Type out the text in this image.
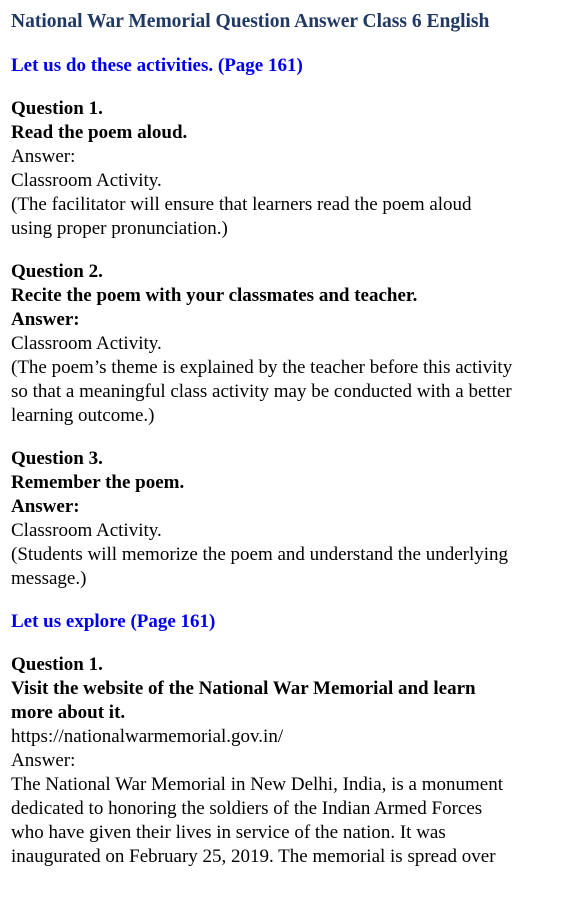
National War Memorial Question Answer Class 6 English
Let us do these activities. (Page 161)

Question 1.

Read the poem aloud.

Answer:

Classroom Activity.

(The facilitator will ensure that learners read the poem aloud

using proper pronunciation.)

Question 2.

Recite the poem with your classmates and teacher.

Answer:

Classroom Activity.

(The poem’s theme is explained by the teacher before this activity

so that a meaningful class activity may be conducted with a better

learning outcome.)

Question 3.

Remember the poem.

Answer:

Classroom Activity.

(Students will memorize the poem and understand the underlying

message.)

Let us explore (Page 161)

Question 1.

Visit the website of the National War Memorial and learn

more about it.

https://nationalwarmemorial.gov.in/

Answer:

The National War Memorial in New Delhi, India, is a monument

dedicated to honoring the soldiers of the Indian Armed Forces

who have given their lives in service of the nation. It was

inaugurated on February 25, 2019. The memorial is spread over
